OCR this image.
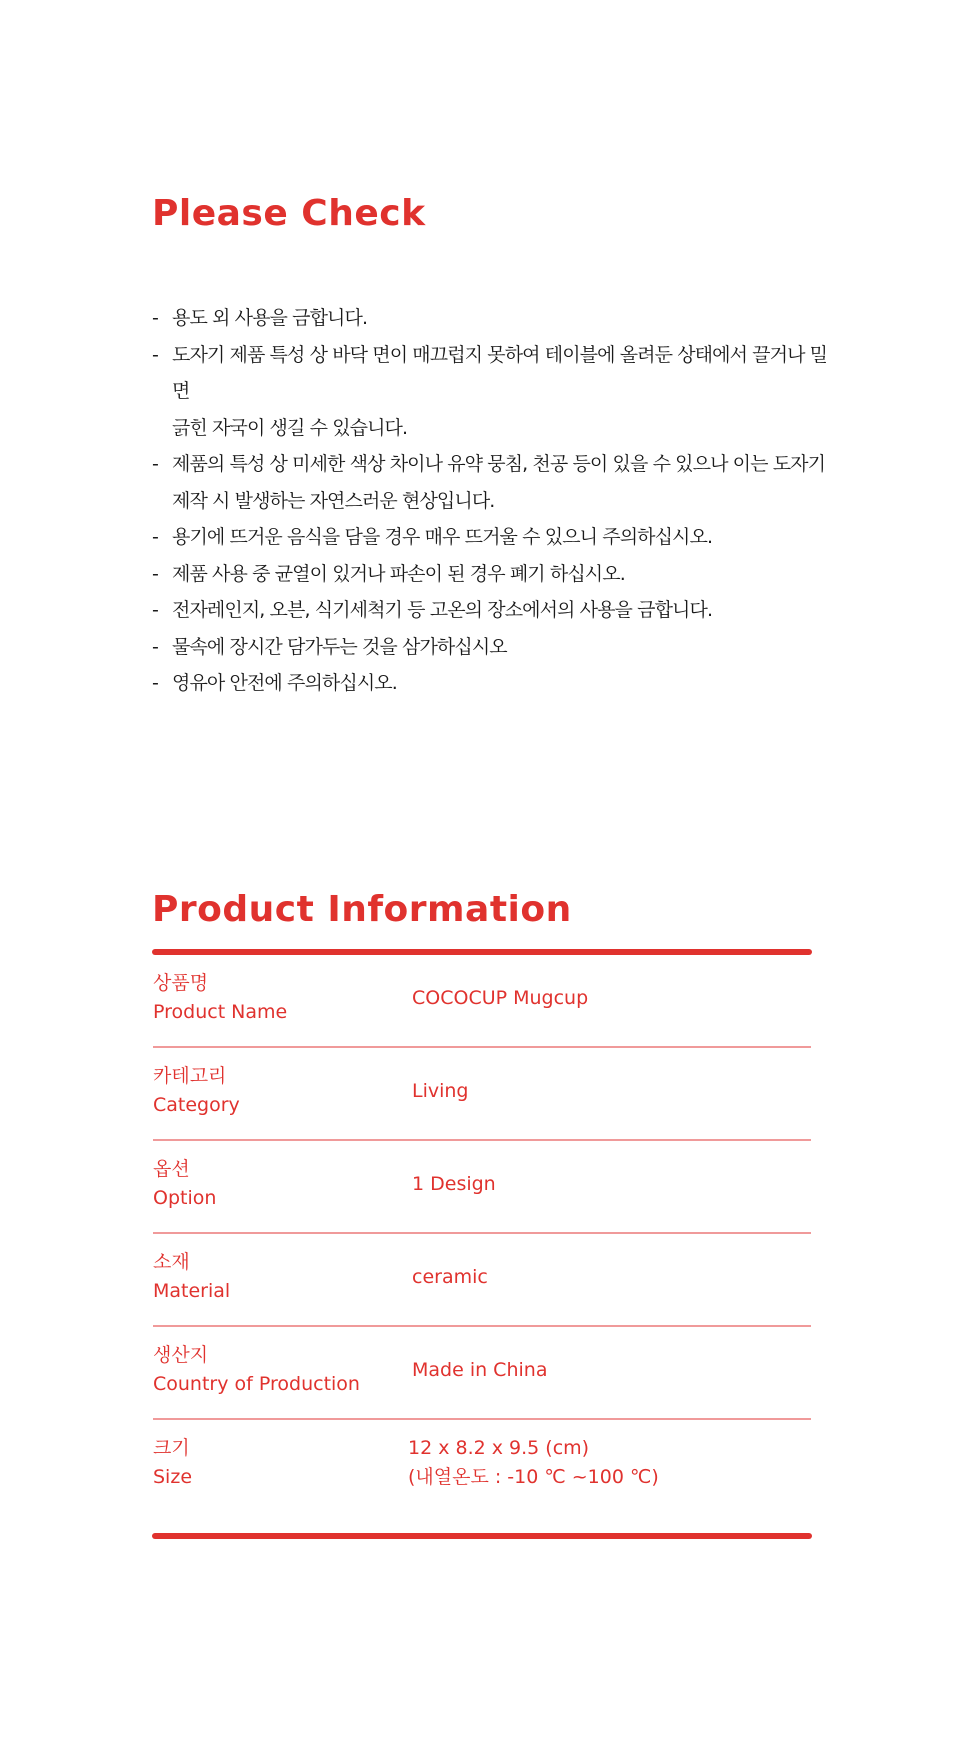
Please Check
- 용도 외 사용을 금합니다.
- 도자기 제품 특성 상 바닥 면이 매끄럽지 못하여 테이블에 올려둔 상태에서 끌거나 밀면
긁힌 자국이 생길 수 있습니다.
- 제품의 특성 상 미세한 색상 차이나 유약 뭉침, 천공 등이 있을 수 있으나 이는 도자기
제작 시 발생하는 자연스러운 현상입니다.
- 용기에 뜨거운 음식을 담을 경우 매우 뜨거울 수 있으니 주의하십시오.
- 제품 사용 중 균열이 있거나 파손이 된 경우 폐기 하십시오.
- 전자레인지, 오븐, 식기세척기 등 고온의 장소에서의 사용을 금합니다.
- 물속에 장시간 담가두는 것을 삼가하십시오
- 영유아 안전에 주의하십시오.
Product Information
상품명
Product Name
COCOCUP Mugcup
카테고리
Category
Living
옵션
Option
1 Design
소재
Material
ceramic
생산지
Country of Production
Made in China
크기
Size
12 x 8.2 x 9.5 (cm)
(내열온도 : -10 ℃ ~100 ℃)
